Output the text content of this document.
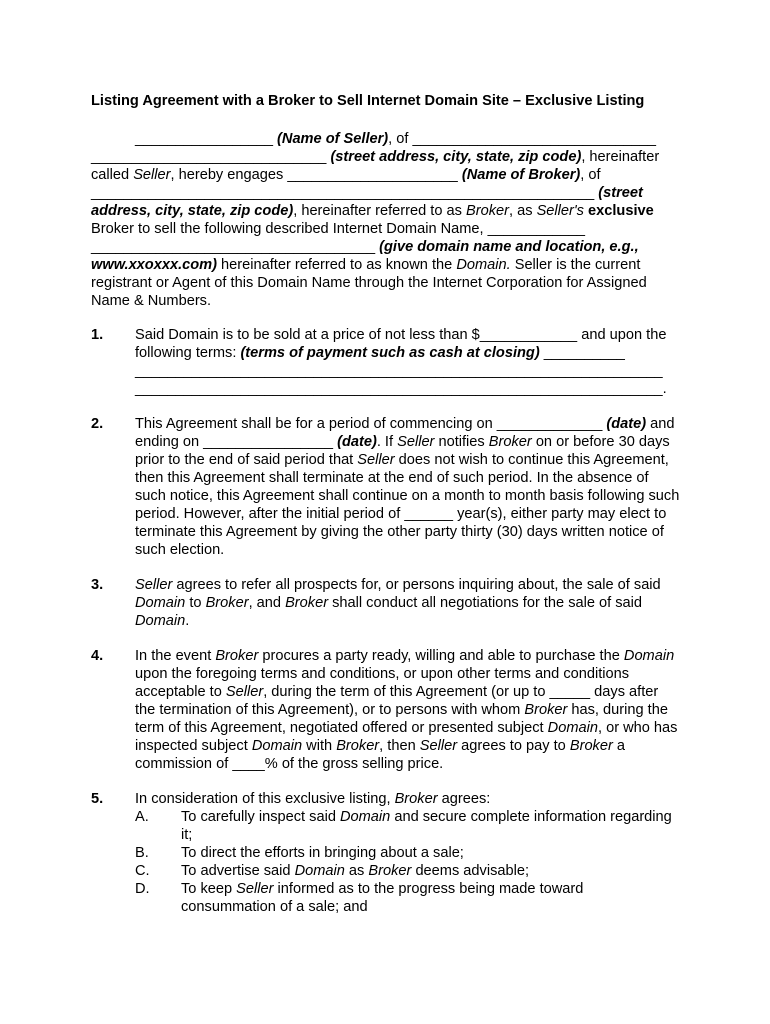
Listing Agreement with a Broker to Sell Internet Domain Site – Exclusive Listing
_________________ (Name of Seller), of ______________________________ _____________________________ (street address, city, state, zip code), hereinafter called Seller, hereby engages _____________________ (Name of Broker), of ______________________________________________________________ (street address, city, state, zip code), hereinafter referred to as Broker, as Seller's exclusive Broker to sell the following described Internet Domain Name, ____________ ___________________________________ (give domain name and location, e.g., www.xxoxxx.com) hereinafter referred to as known the Domain. Seller is the current registrant or Agent of this Domain Name through the Internet Corporation for Assigned Name & Numbers.
1.	Said Domain is to be sold at a price of not less than $____________ and upon the following terms: (terms of payment such as cash at closing) __________
_________________________________________________________________
_________________________________________________________________.
2.	This Agreement shall be for a period of commencing on _____________ (date) and ending on ________________ (date). If Seller notifies Broker on or before 30 days prior to the end of said period that Seller does not wish to continue this Agreement, then this Agreement shall terminate at the end of such period. In the absence of such notice, this Agreement shall continue on a month to month basis following such period. However, after the initial period of ______ year(s), either party may elect to terminate this Agreement by giving the other party thirty (30) days written notice of such election.
3.	Seller agrees to refer all prospects for, or persons inquiring about, the sale of said Domain to Broker, and Broker shall conduct all negotiations for the sale of said Domain.
4.	In the event Broker procures a party ready, willing and able to purchase the Domain upon the foregoing terms and conditions, or upon other terms and conditions acceptable to Seller, during the term of this Agreement (or up to _____ days after the termination of this Agreement), or to persons with whom Broker has, during the term of this Agreement, negotiated offered or presented subject Domain, or who has inspected subject Domain with Broker, then Seller agrees to pay to Broker a commission of ____% of the gross selling price.
5.	In consideration of this exclusive listing, Broker agrees:
A. To carefully inspect said Domain and secure complete information regarding it;
B. To direct the efforts in bringing about a sale;
C. To advertise said Domain as Broker deems advisable;
D. To keep Seller informed as to the progress being made toward consummation of a sale; and
